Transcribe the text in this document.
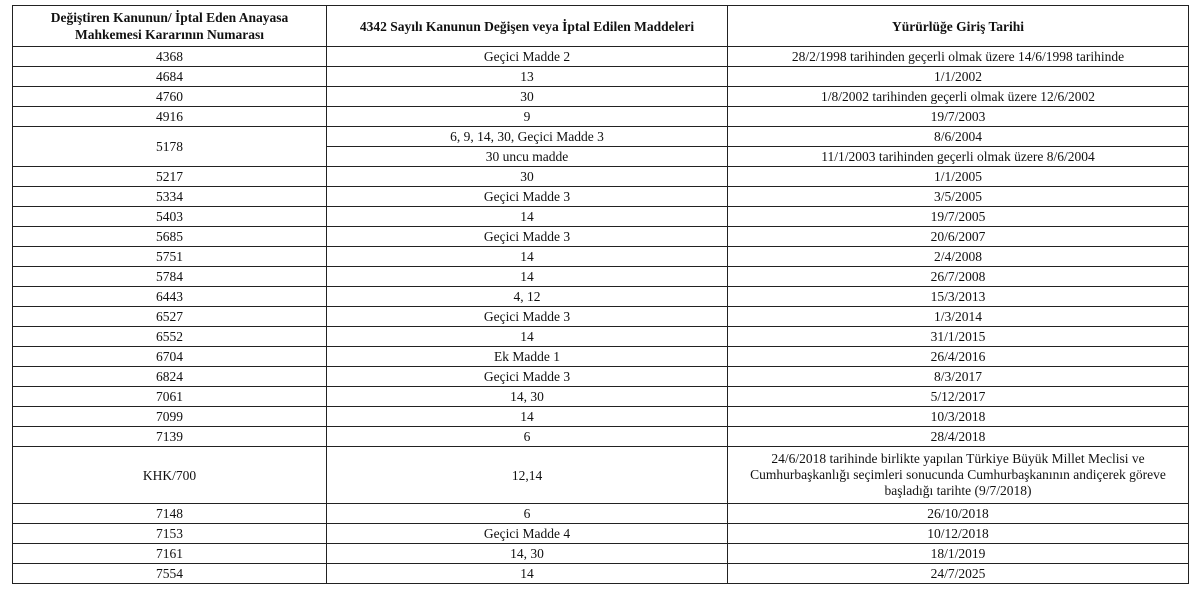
Değiştiren Kanunun/ İptal Eden Anayasa Mahkemesi Kararının Numarası	4342 Sayılı Kanunun Değişen veya İptal Edilen Maddeleri	Yürürlüğe Giriş Tarihi
4368	Geçici Madde 2	28/2/1998 tarihinden geçerli olmak üzere 14/6/1998 tarihinde
4684	13	1/1/2002
4760	30	1/8/2002 tarihinden geçerli olmak üzere 12/6/2002
4916	9	19/7/2003
5178	6, 9, 14, 30, Geçici Madde 3	8/6/2004
	30 uncu madde	11/1/2003 tarihinden geçerli olmak üzere 8/6/2004
5217	30	1/1/2005
5334	Geçici Madde 3	3/5/2005
5403	14	19/7/2005
5685	Geçici Madde 3	20/6/2007
5751	14	2/4/2008
5784	14	26/7/2008
6443	4, 12	15/3/2013
6527	Geçici Madde 3	1/3/2014
6552	14	31/1/2015
6704	Ek Madde 1	26/4/2016
6824	Geçici Madde 3	8/3/2017
7061	14, 30	5/12/2017
7099	14	10/3/2018
7139	6	28/4/2018
KHK/700	12,14	24/6/2018 tarihinde birlikte yapılan Türkiye Büyük Millet Meclisi ve Cumhurbaşkanlığı seçimleri sonucunda Cumhurbaşkanının andiçerek göreve başladığı tarihte (9/7/2018)
7148	6	26/10/2018
7153	Geçici Madde 4	10/12/2018
7161	14, 30	18/1/2019
7554	14	24/7/2025
